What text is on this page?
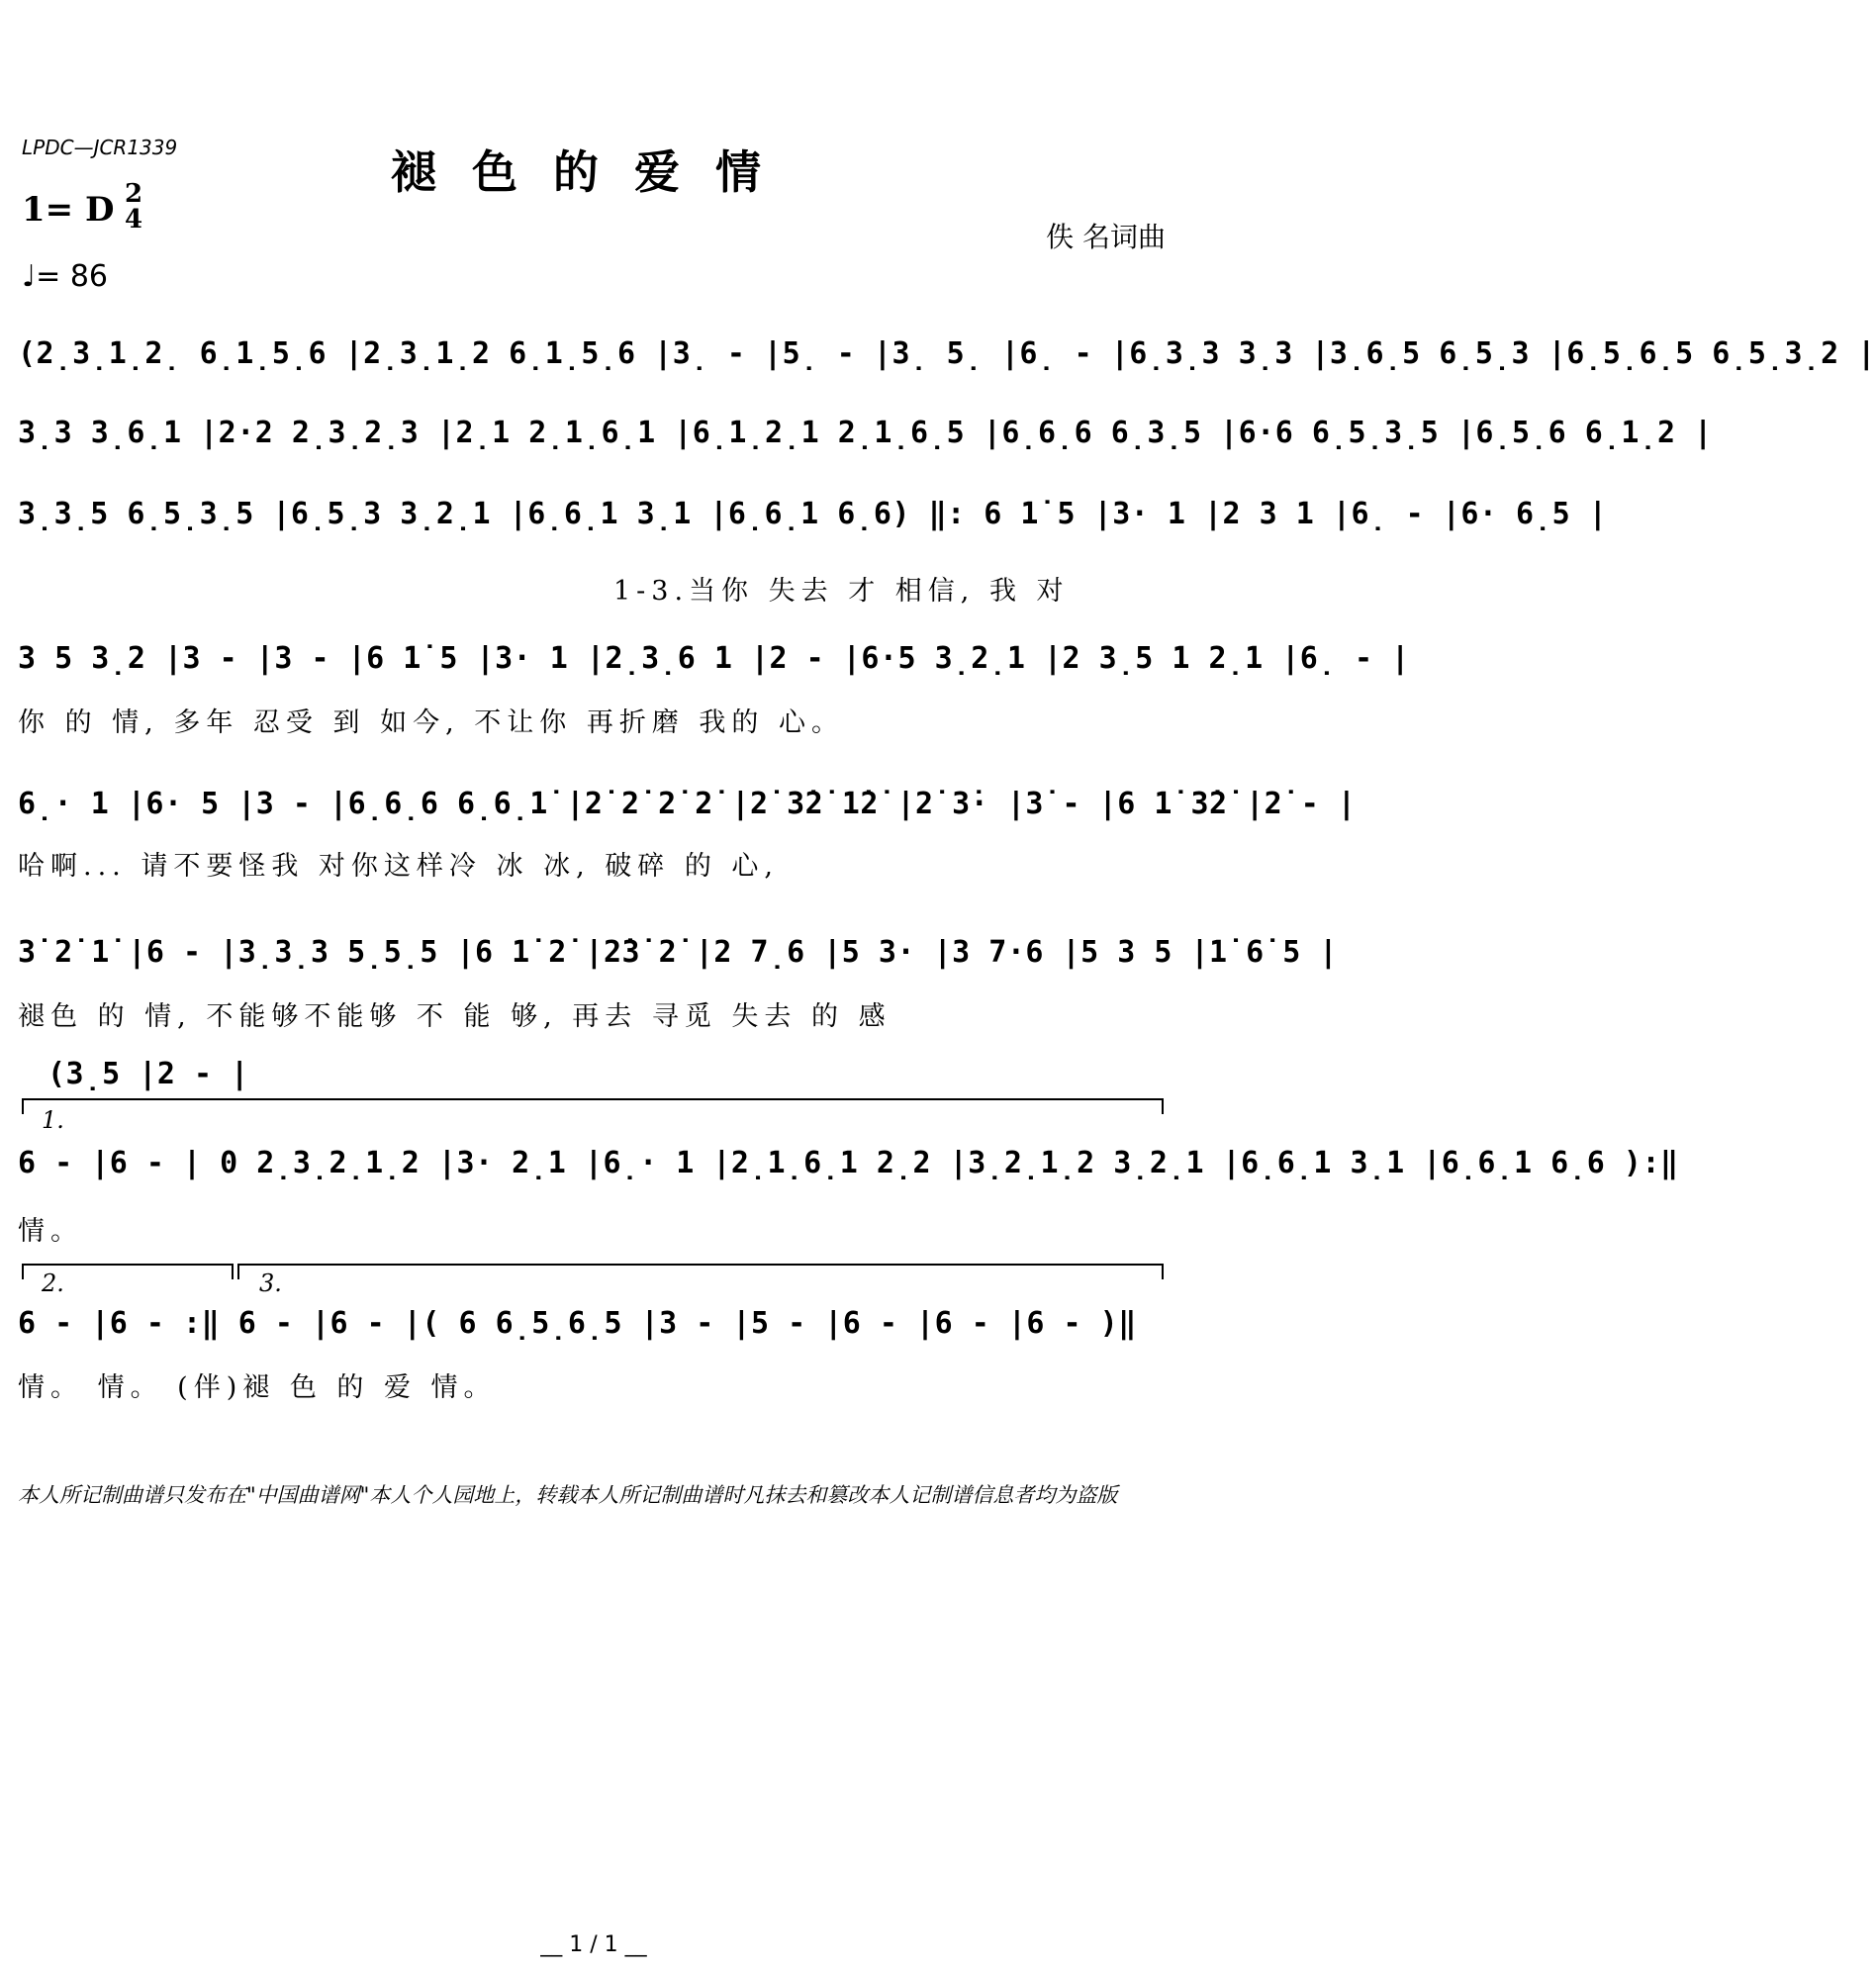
LPDC—JCR1339	褪色的爱情
1= D 2
4
♩= 86
佚 名词曲
(2̣3̣1̣2̣ 6̣1̣5̣6 |2̣3̣1̣2 6̣1̣5̣6 |3̣ - |5̣ - |3̣ 5̣ |6̣ - |6̣3̣3 3̣3 |3̣6̣5 6̣5̣3 |6̣5̣6̣5 6̣5̣3̣2 |
3̣3 3̣6̣1 |2·2 2̣3̣2̣3 |2̣1 2̣1̣6̣1 |6̣1̣2̣1 2̣1̣6̣5 |6̣6̣6 6̣3̣5 |6·6 6̣5̣3̣5 |6̣5̣6 6̣1̣2 |
3̣3̣5 6̣5̣3̣5 |6̣5̣3 3̣2̣1 |6̣6̣1 3̣1 |6̣6̣1 6̣6) ‖: 6 1̇ 5 |3· 1 |2 3 1 |6̣ - |6· 6̣5 |
1-3.当你 失去 才 相信, 我 对
3 5 3̣2 |3 - |3 - |6 1̇ 5 |3· 1 |2̣3̣6 1 |2 - |6·5 3̣2̣1 |2 3̣5 1 2̣1 |6̣ - |
你 的 情, 多年 忍受 到 如今, 不让你 再折磨 我的 心。
6̣· 1 |6· 5 |3 - |6̣6̣6 6̣6̣1̇ |2̇ 2̇ 2̇ 2̇ |2̇ 3̇2̇ 1̇2̇ |2̇ 3̇· |3̇ - |6 1̇ 3̇2̇ |2̇ - |
哈啊... 请不要怪我 对你这样冷 冰 冰, 破碎 的 心,
3̇ 2̇ 1̇ |6 - |3̣3̣3 5̣5̣5 |6 1̇ 2̇ |2̇3̇ 2̇ |2 7̣6 |5 3· |3 7·6 |5 3 5 |1̇ 6̇ 5 |
褪色 的 情, 不能够不能够 不 能 够, 再去 寻觅 失去 的 感
(3̣5 |2 - |
1.
6 - |6 - | 0 2̣3̣2̣1̣2 |3· 2̣1 |6̣· 1 |2̣1̣6̣1 2̣2 |3̣2̣1̣2 3̣2̣1 |6̣6̣1 3̣1 |6̣6̣1 6̣6 ):‖
情。
2.	3.
6 - |6 - :‖ 6 - |6 - |( 6 6̣5̣6̣5 |3 - |5 - |6 - |6 - |6 - )‖
情。 情。 (伴)褪 色 的 爱 情。
本人所记制曲谱只发布在"中国曲谱网"本人个人园地上，转载本人所记制曲谱时凡抹去和篡改本人记制谱信息者均为盗版
__ 1 / 1 __
